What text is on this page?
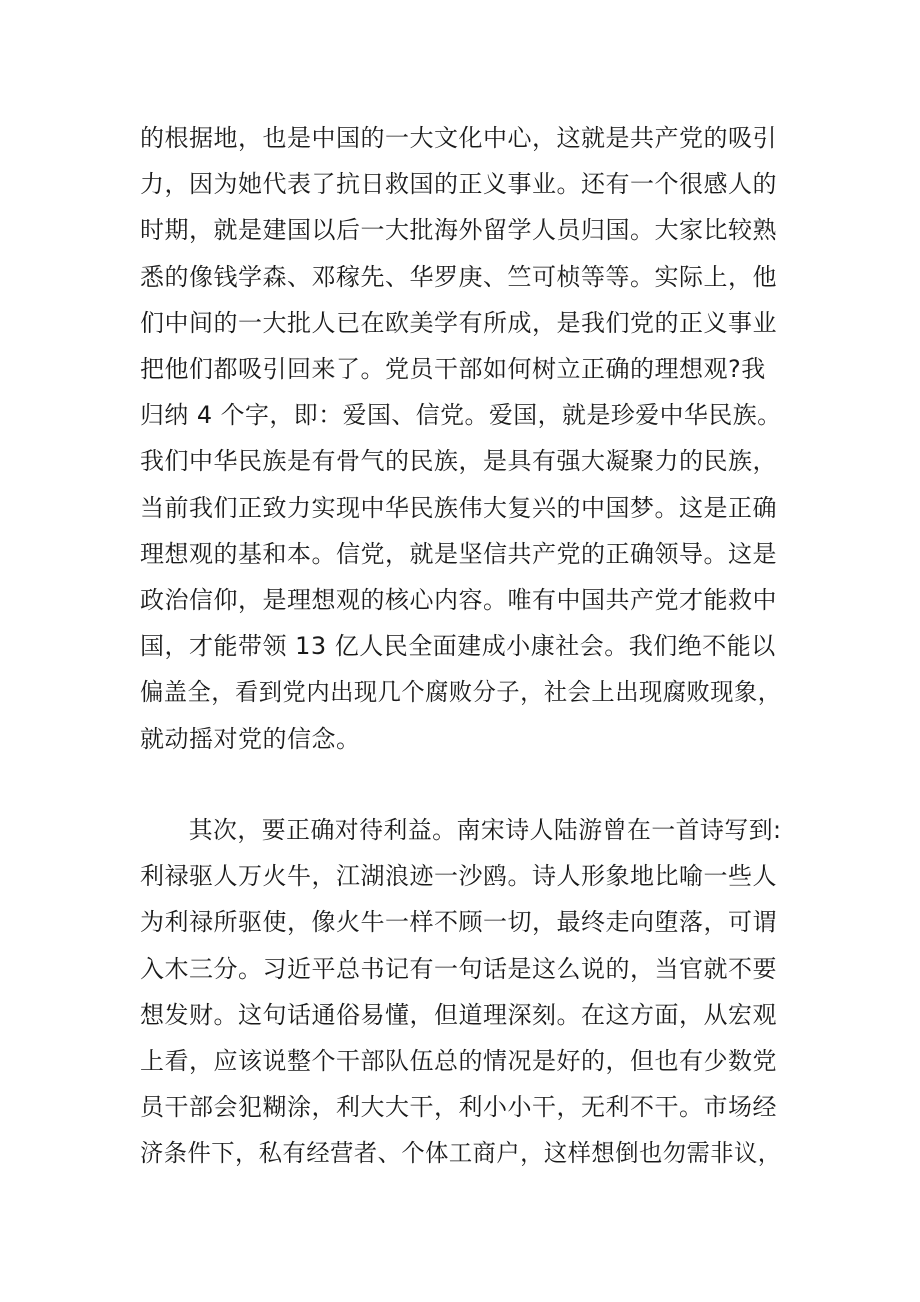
的根据地，也是中国的一大文化中心，这就是共产党的吸引
力，因为她代表了抗日救国的正义事业。还有一个很感人的
时期，就是建国以后一大批海外留学人员归国。大家比较熟
悉的像钱学森、邓稼先、华罗庚、竺可桢等等。实际上，他
们中间的一大批人已在欧美学有所成，是我们党的正义事业
把他们都吸引回来了。党员干部如何树立正确的理想观?我
归纳 4 个字，即：爱国、信党。爱国，就是珍爱中华民族。
我们中华民族是有骨气的民族，是具有强大凝聚力的民族，
当前我们正致力实现中华民族伟大复兴的中国梦。这是正确
理想观的基和本。信党，就是坚信共产党的正确领导。这是
政治信仰，是理想观的核心内容。唯有中国共产党才能救中
国，才能带领 13 亿人民全面建成小康社会。我们绝不能以
偏盖全，看到党内出现几个腐败分子，社会上出现腐败现象，
就动摇对党的信念。
　　其次，要正确对待利益。南宋诗人陆游曾在一首诗写到:
利禄驱人万火牛，江湖浪迹一沙鸥。诗人形象地比喻一些人
为利禄所驱使，像火牛一样不顾一切，最终走向堕落，可谓
入木三分。习近平总书记有一句话是这么说的，当官就不要
想发财。这句话通俗易懂，但道理深刻。在这方面，从宏观
上看，应该说整个干部队伍总的情况是好的，但也有少数党
员干部会犯糊涂，利大大干，利小小干，无利不干。市场经
济条件下，私有经营者、个体工商户，这样想倒也勿需非议，
